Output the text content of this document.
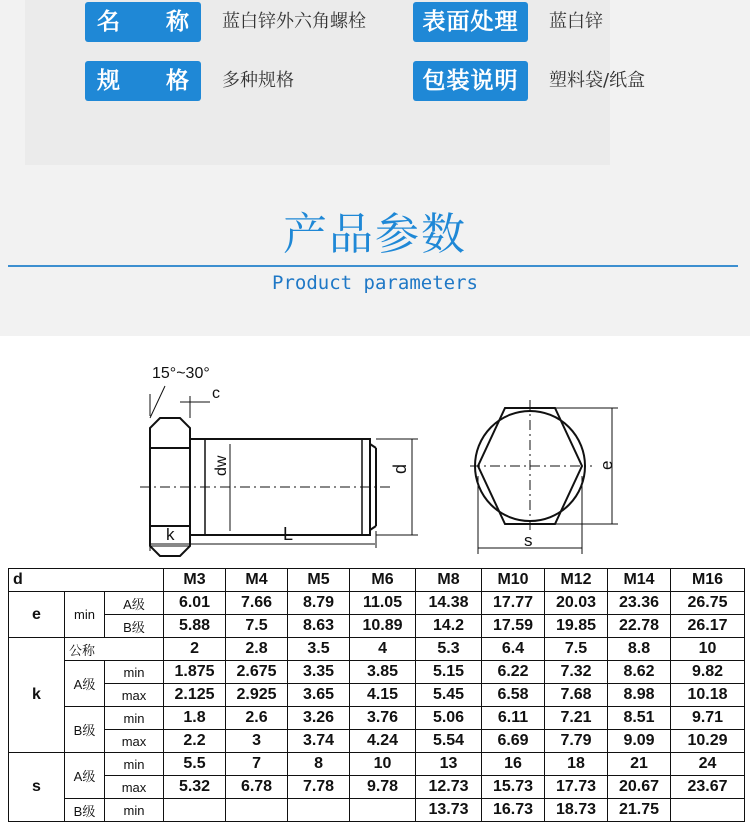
名 称 蓝白锌外六角螺栓	表面处理	蓝白锌
规 格 多种规格	包装说明	塑料袋/纸盒
产品参数
Product parameters
15°~30°
c
dw	d
k	L
e
s
d			M3	M4	M5	M6	M8	M10	M12	M14	M16
e	min	A级	6.01	7.66	8.79	11.05	14.38	17.77	20.03	23.36	26.75
		B级	5.88	7.5	8.63	10.89	14.2	17.59	19.85	22.78	26.17
k	公称		2	2.8	3.5	4	5.3	6.4	7.5	8.8	10
	A级	min	1.875	2.675	3.35	3.85	5.15	6.22	7.32	8.62	9.82
		max	2.125	2.925	3.65	4.15	5.45	6.58	7.68	8.98	10.18
	B级	min	1.8	2.6	3.26	3.76	5.06	6.11	7.21	8.51	9.71
		max	2.2	3	3.74	4.24	5.54	6.69	7.79	9.09	10.29
s	A级	min	5.5	7	8	10	13	16	18	21	24
		max	5.32	6.78	7.78	9.78	12.73	15.73	17.73	20.67	23.67
	B级	min					13.73	16.73	18.73	21.75	
